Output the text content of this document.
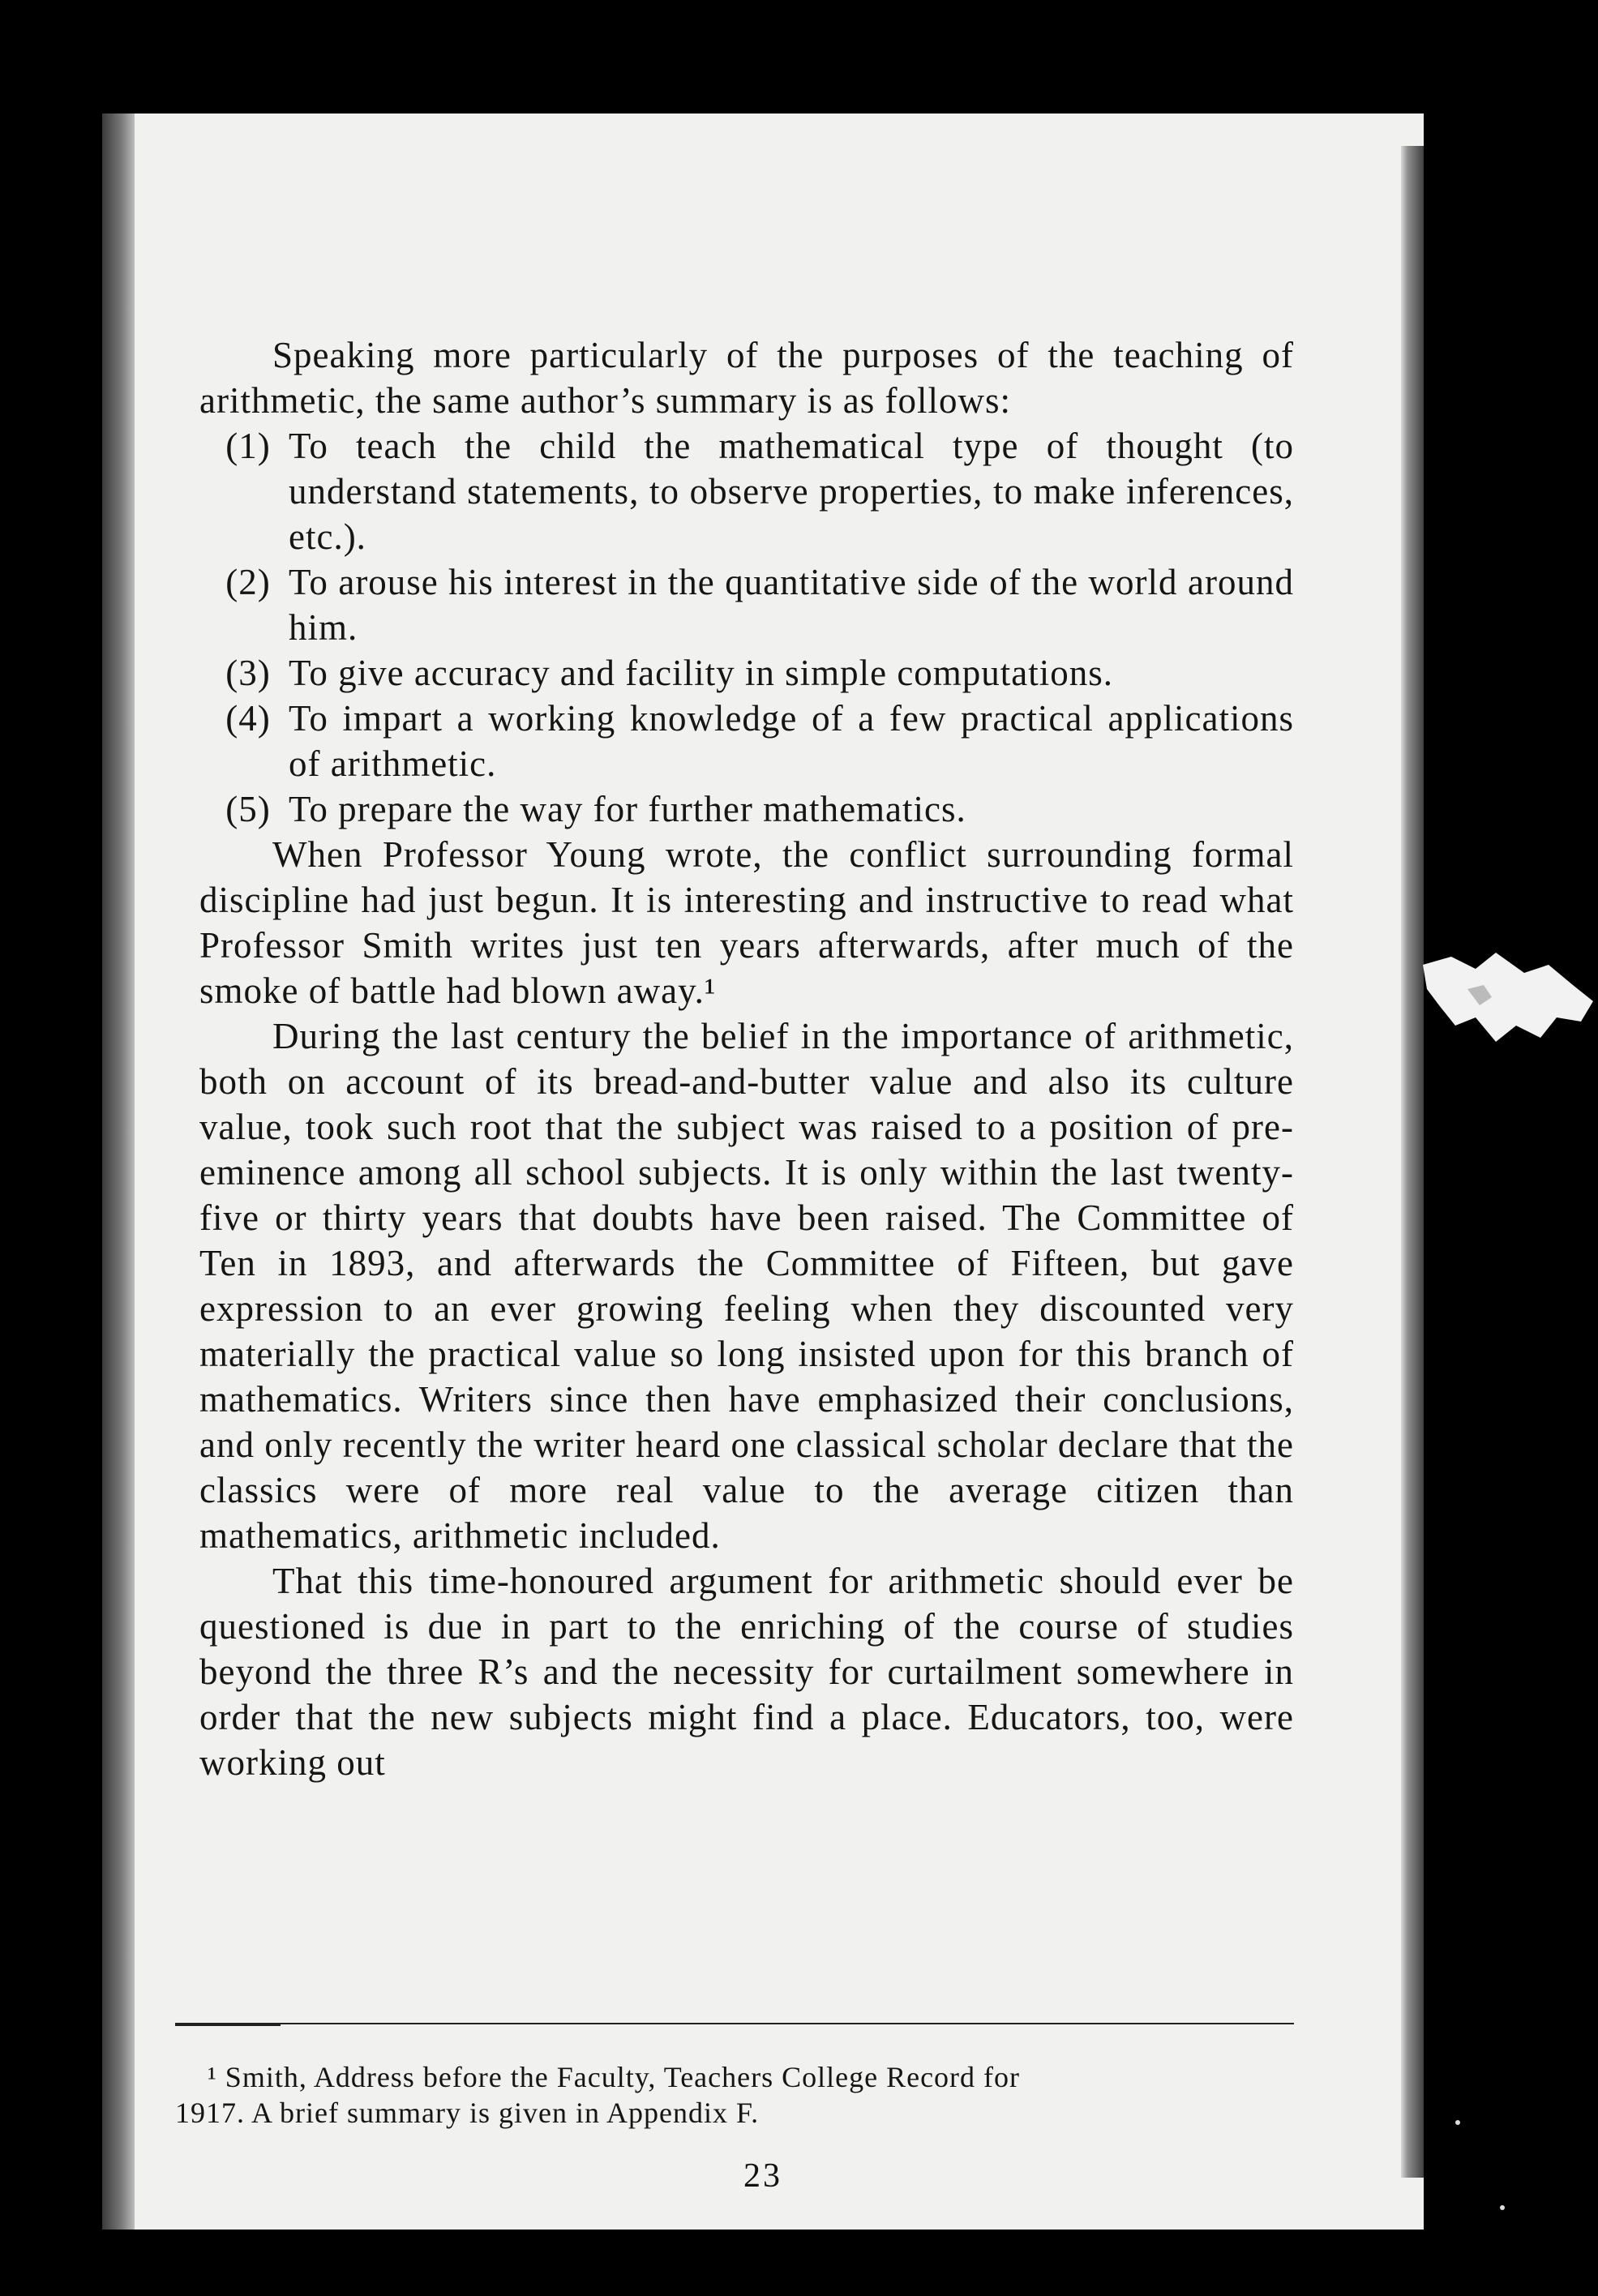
Speaking more particularly of the purposes of the teaching of arithmetic, the same author’s summary is as follows:

(1) To teach the child the mathematical type of thought (to understand statements, to observe properties, to make inferences, etc.).
(2) To arouse his interest in the quantitative side of the world around him.
(3) To give accuracy and facility in simple computations.
(4) To impart a working knowledge of a few practical applications of arithmetic.
(5) To prepare the way for further mathematics.

When Professor Young wrote, the conflict surrounding formal discipline had just begun. It is interesting and instructive to read what Professor Smith writes just ten years afterwards, after much of the smoke of battle had blown away.¹

During the last century the belief in the importance of arithmetic, both on account of its bread-and-butter value and also its culture value, took such root that the subject was raised to a position of pre-eminence among all school subjects. It is only within the last twenty-five or thirty years that doubts have been raised. The Committee of Ten in 1893, and afterwards the Committee of Fifteen, but gave expression to an ever growing feeling when they discounted very materially the practical value so long insisted upon for this branch of mathematics. Writers since then have emphasized their conclusions, and only recently the writer heard one classical scholar declare that the classics were of more real value to the average citizen than mathematics, arithmetic included.

That this time-honoured argument for arithmetic should ever be questioned is due in part to the enriching of the course of studies beyond the three R’s and the necessity for curtailment somewhere in order that the new subjects might find a place. Educators, too, were working out

¹ Smith, Address before the Faculty, Teachers College Record for

1917. A brief summary is given in Appendix F.

23
